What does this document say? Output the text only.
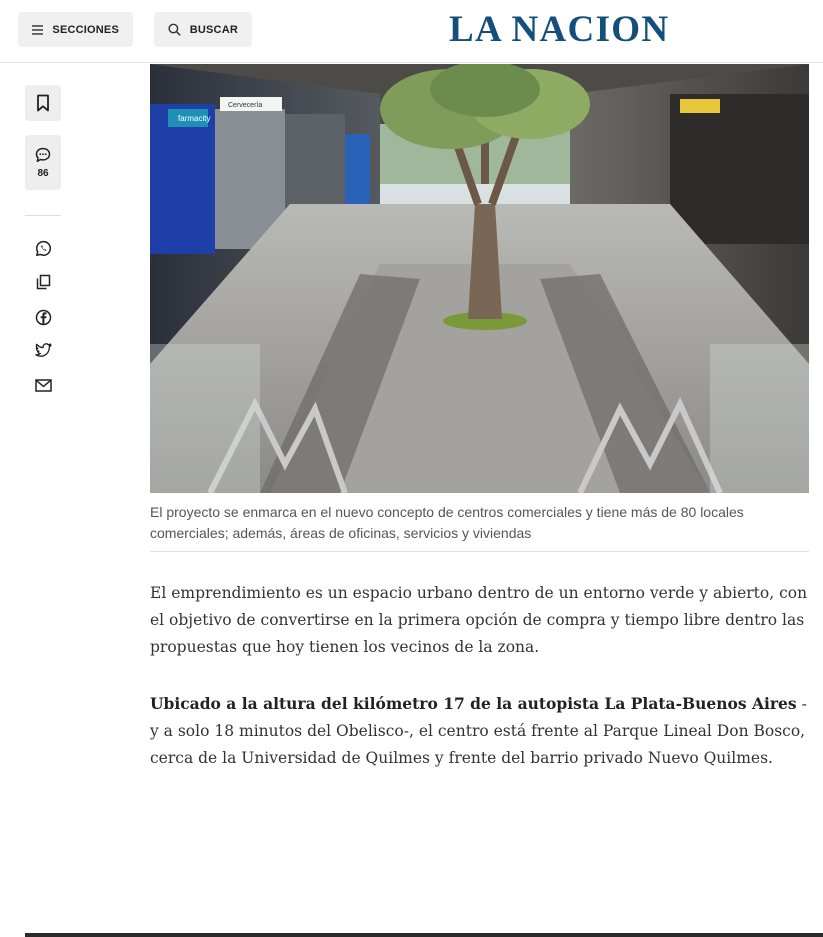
SECCIONES	BUSCAR	LA NACION
86
farmacity
Cervecería
El proyecto se enmarca en el nuevo concepto de centros comerciales y tiene más de 80 locales comerciales; además, áreas de oficinas, servicios y viviendas
El emprendimiento es un espacio urbano dentro de un entorno verde y abierto, con el objetivo de convertirse en la primera opción de compra y tiempo libre dentro las propuestas que hoy tienen los vecinos de la zona.
Ubicado a la altura del kilómetro 17 de la autopista La Plata-Buenos Aires -y a solo 18 minutos del Obelisco-, el centro está frente al Parque Lineal Don Bosco, cerca de la Universidad de Quilmes y frente del barrio privado Nuevo Quilmes.
